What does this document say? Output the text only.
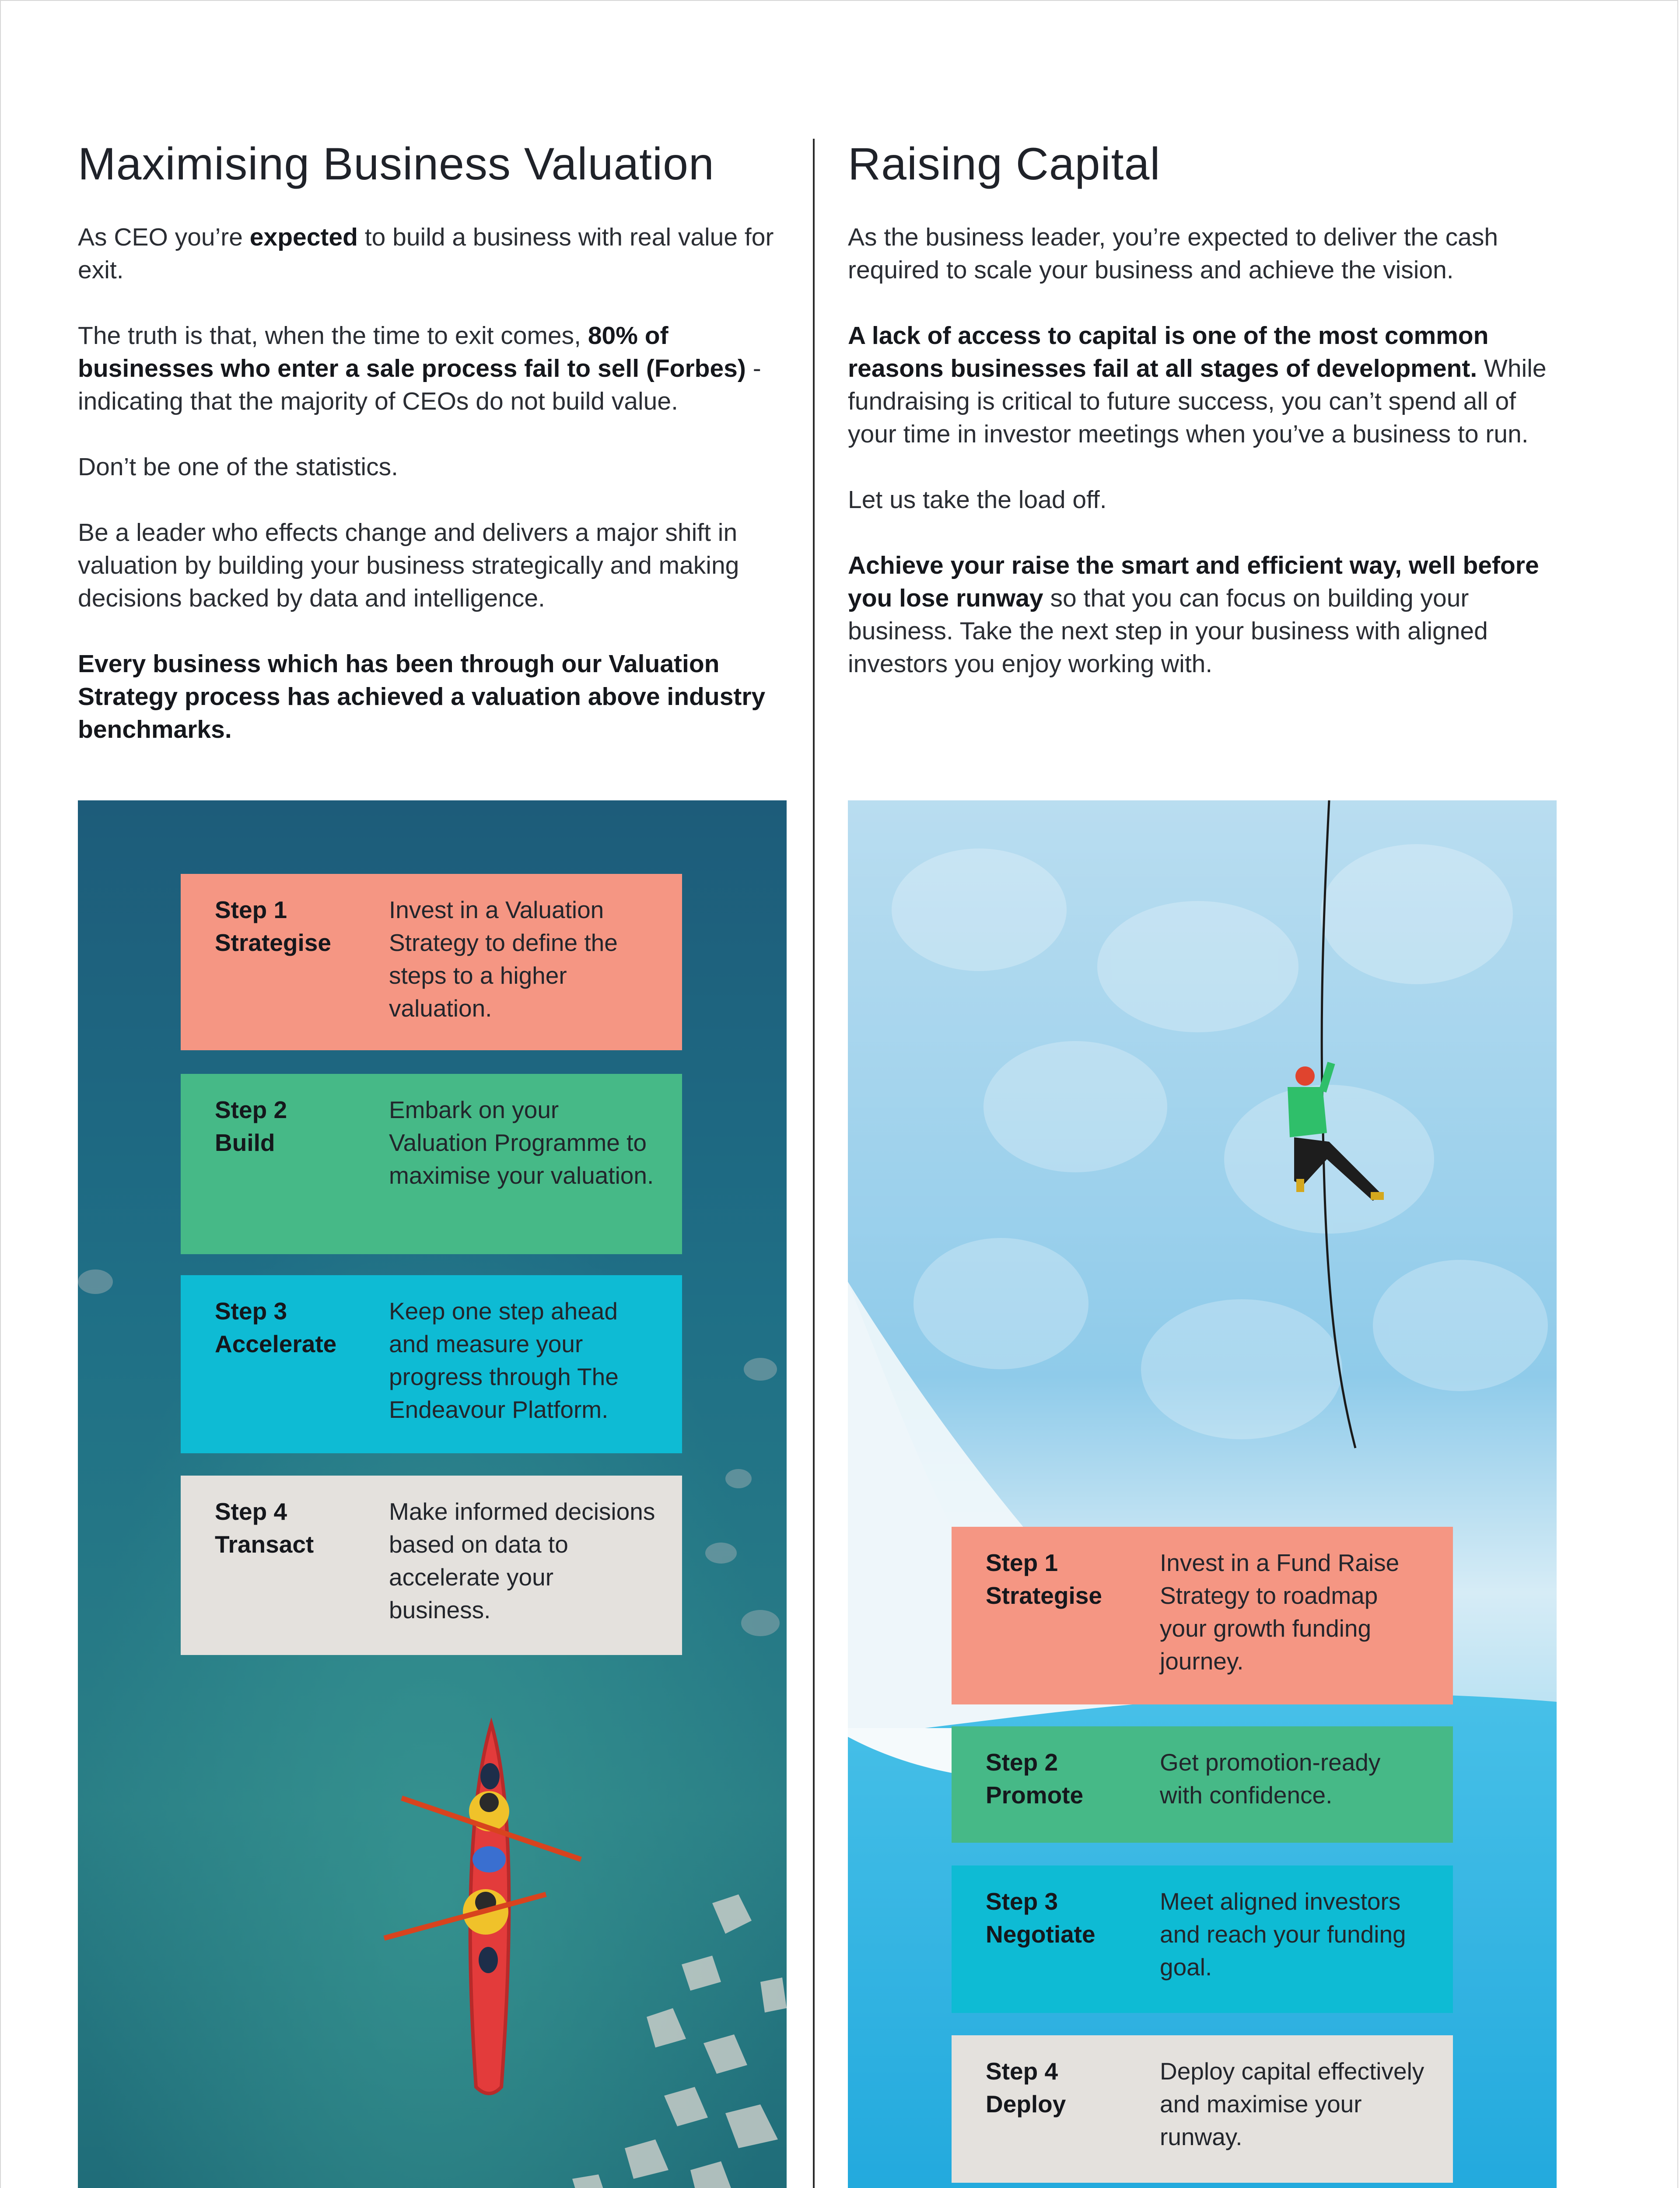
Maximising Business Valuation

As CEO you’re expected to build a business with real value for exit.

The truth is that, when the time to exit comes, 80% of businesses who enter a sale process fail to sell (Forbes) - indicating that the majority of CEOs do not build value.

Don’t be one of the statistics.

Be a leader who effects change and delivers a major shift in valuation by building your business strategically and making decisions backed by data and intelligence.

Every business which has been through our Valuation Strategy process has achieved a valuation above industry benchmarks.

Raising Capital

As the business leader, you’re expected to deliver the cash required to scale your business and achieve the vision.

A lack of access to capital is one of the most common reasons businesses fail at all stages of development. While fundraising is critical to future success, you can’t spend all of your time in investor meetings when you’ve a business to run.

Let us take the load off.

Achieve your raise the smart and efficient way, well before you lose runway so that you can focus on building your business. Take the next step in your business with aligned investors you enjoy working with.

Step 1
Strategise
Invest in a Valuation Strategy to define the steps to a higher valuation.
Step 2
Build
Embark on your Valuation Programme to maximise your valuation.
Step 3
Accelerate
Keep one step ahead and measure your progress through The Endeavour Platform.
Step 4
Transact
Make informed decisions based on data to accelerate your business.
Step 1
Strategise
Invest in a Fund Raise Strategy to roadmap your growth funding journey.
Step 2
Promote
Get promotion-ready with confidence.
Step 3
Negotiate
Meet aligned investors and reach your funding goal.
Step 4
Deploy
Deploy capital effectively and maximise your runway.
